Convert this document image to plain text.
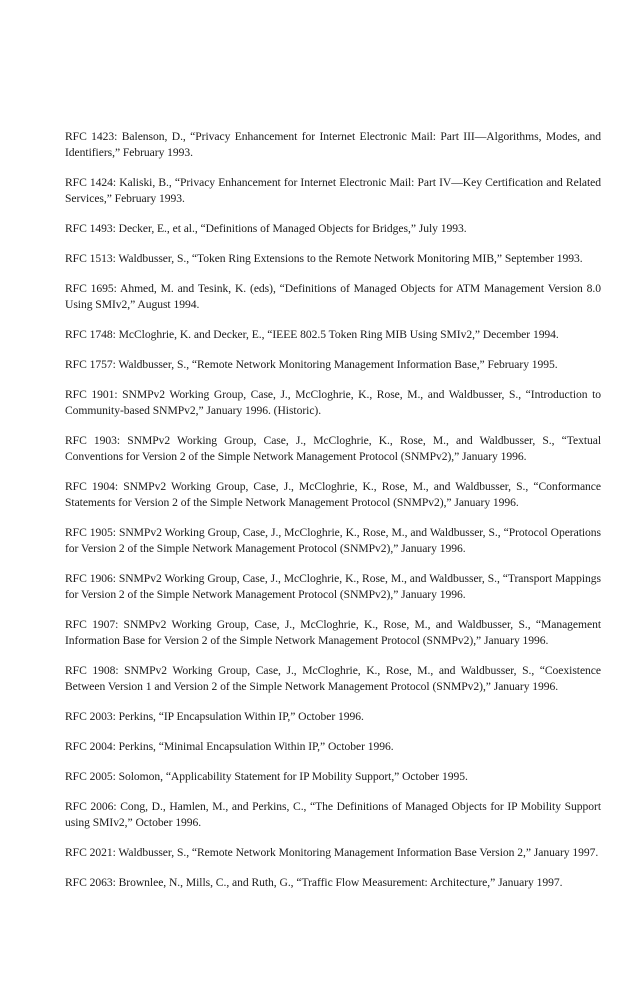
RFC 1423: Balenson, D., “Privacy Enhancement for Internet Electronic Mail: Part III—Algorithms, Modes, and Identifiers,” February 1993.
RFC 1424: Kaliski, B., “Privacy Enhancement for Internet Electronic Mail: Part IV—Key Certification and Related Services,” February 1993.
RFC 1493: Decker, E., et al., “Definitions of Managed Objects for Bridges,” July 1993.
RFC 1513: Waldbusser, S., “Token Ring Extensions to the Remote Network Monitoring MIB,” September 1993.
RFC 1695: Ahmed, M. and Tesink, K. (eds), “Definitions of Managed Objects for ATM Management Version 8.0 Using SMIv2,” August 1994.
RFC 1748: McCloghrie, K. and Decker, E., “IEEE 802.5 Token Ring MIB Using SMIv2,” December 1994.
RFC 1757: Waldbusser, S., “Remote Network Monitoring Management Information Base,” February 1995.
RFC 1901: SNMPv2 Working Group, Case, J., McCloghrie, K., Rose, M., and Waldbusser, S., “Introduction to Community-based SNMPv2,” January 1996. (Historic).
RFC 1903: SNMPv2 Working Group, Case, J., McCloghrie, K., Rose, M., and Waldbusser, S., “Textual Conventions for Version 2 of the Simple Network Management Protocol (SNMPv2),” January 1996.
RFC 1904: SNMPv2 Working Group, Case, J., McCloghrie, K., Rose, M., and Waldbusser, S., “Conformance Statements for Version 2 of the Simple Network Management Protocol (SNMPv2),” January 1996.
RFC 1905: SNMPv2 Working Group, Case, J., McCloghrie, K., Rose, M., and Waldbusser, S., “Protocol Operations for Version 2 of the Simple Network Management Protocol (SNMPv2),” January 1996.
RFC 1906: SNMPv2 Working Group, Case, J., McCloghrie, K., Rose, M., and Waldbusser, S., “Transport Mappings for Version 2 of the Simple Network Management Protocol (SNMPv2),” January 1996.
RFC 1907: SNMPv2 Working Group, Case, J., McCloghrie, K., Rose, M., and Waldbusser, S., “Management Information Base for Version 2 of the Simple Network Management Protocol (SNMPv2),” January 1996.
RFC 1908: SNMPv2 Working Group, Case, J., McCloghrie, K., Rose, M., and Waldbusser, S., “Coexistence Between Version 1 and Version 2 of the Simple Network Management Protocol (SNMPv2),” January 1996.
RFC 2003: Perkins, “IP Encapsulation Within IP,” October 1996.
RFC 2004: Perkins, “Minimal Encapsulation Within IP,” October 1996.
RFC 2005: Solomon, “Applicability Statement for IP Mobility Support,” October 1995.
RFC 2006: Cong, D., Hamlen, M., and Perkins, C., “The Definitions of Managed Objects for IP Mobility Support using SMIv2,” October 1996.
RFC 2021: Waldbusser, S., “Remote Network Monitoring Management Information Base Version 2,” January 1997.
RFC 2063: Brownlee, N., Mills, C., and Ruth, G., “Traffic Flow Measurement: Architecture,” January 1997.
